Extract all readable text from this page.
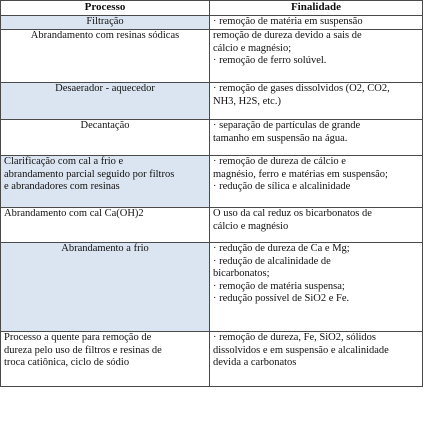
Processo	Finalidade

Filtração	· remoção de matéria em suspensão

Abrandamento com resinas sódicas	remoção de dureza devido a sais de
cálcio e magnésio;
· remoção de ferro solúvel.

Desaerador - aquecedor	· remoção de gases dissolvidos (O2, CO2,
NH3, H2S, etc.)

Decantação	· separação de partículas de grande
tamanho em suspensão na água.

Clarificação com cal a frio e
abrandamento parcial seguido por filtros
e abrandadores com resinas	· remoção de dureza de cálcio e
magnésio, ferro e matérias em suspensão;
· redução de sílica e alcalinidade

Abrandamento com cal Ca(OH)2	O uso da cal reduz os bicarbonatos de
cálcio e magnésio

Abrandamento a frio	· redução de dureza de Ca e Mg;
· redução de alcalinidade de
bicarbonatos;
· remoção de matéria suspensa;
· redução possível de SiO2 e Fe.

Processo a quente para remoção de
dureza pelo uso de filtros e resinas de
troca catiônica, ciclo de sódio	· remoção de dureza, Fe, SiO2, sólidos
dissolvidos e em suspensão e alcalinidade
devida a carbonatos
